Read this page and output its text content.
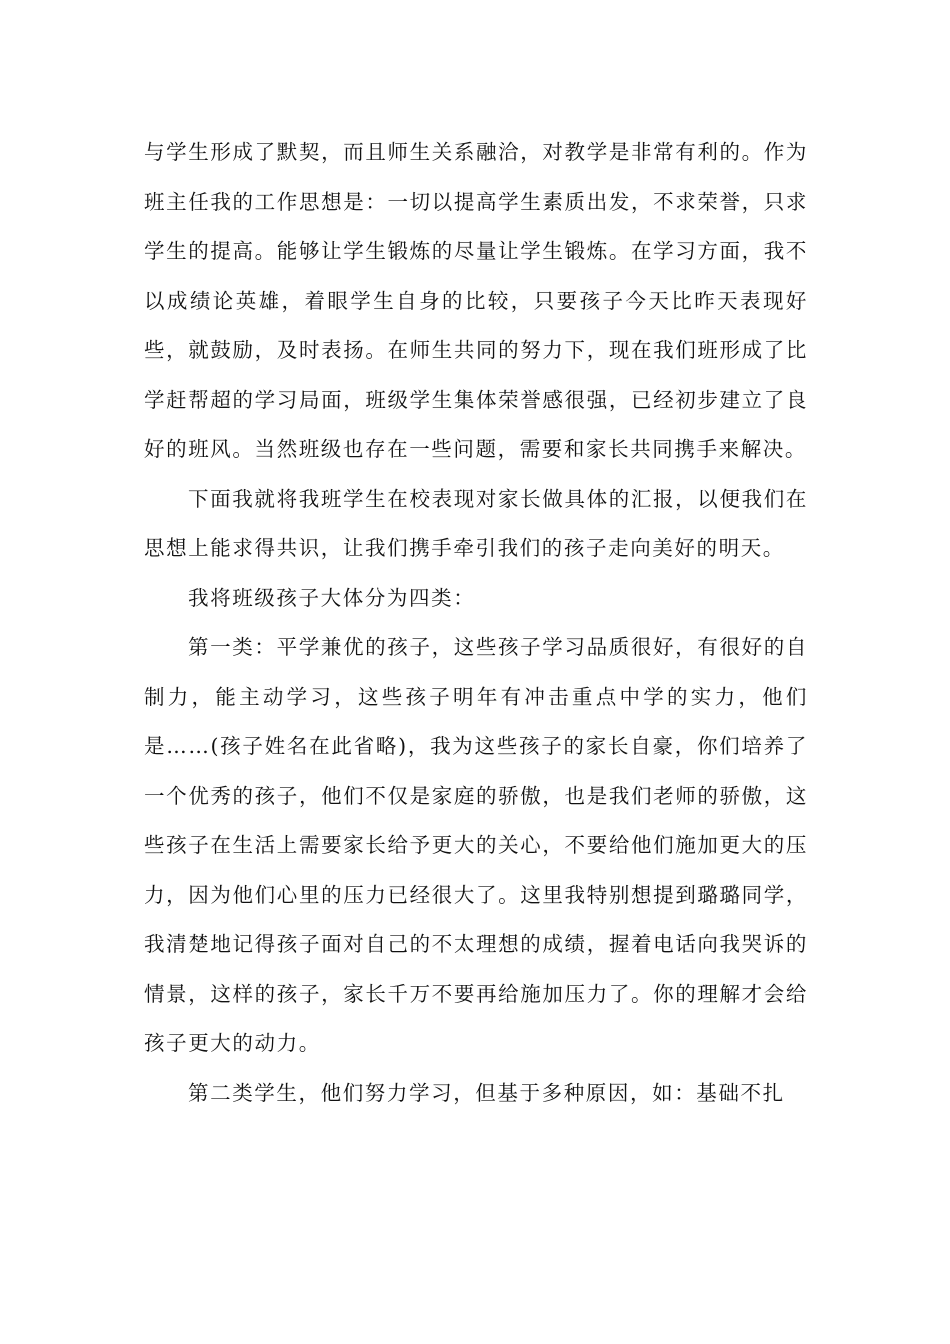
与学生形成了默契，而且师生关系融洽，对教学是非常有利的。作为班主任我的工作思想是：一切以提高学生素质出发，不求荣誉，只求学生的提高。能够让学生锻炼的尽量让学生锻炼。在学习方面，我不以成绩论英雄，着眼学生自身的比较，只要孩子今天比昨天表现好些，就鼓励，及时表扬。在师生共同的努力下，现在我们班形成了比学赶帮超的学习局面，班级学生集体荣誉感很强，已经初步建立了良好的班风。当然班级也存在一些问题，需要和家长共同携手来解决。

下面我就将我班学生在校表现对家长做具体的汇报，以便我们在思想上能求得共识，让我们携手牵引我们的孩子走向美好的明天。

我将班级孩子大体分为四类：

第一类：平学兼优的孩子，这些孩子学习品质很好，有很好的自制力，能主动学习，这些孩子明年有冲击重点中学的实力，他们是……(孩子姓名在此省略)，我为这些孩子的家长自豪，你们培养了一个优秀的孩子，他们不仅是家庭的骄傲，也是我们老师的骄傲，这些孩子在生活上需要家长给予更大的关心，不要给他们施加更大的压力，因为他们心里的压力已经很大了。这里我特别想提到璐璐同学，我清楚地记得孩子面对自己的不太理想的成绩，握着电话向我哭诉的情景，这样的孩子，家长千万不要再给施加压力了。你的理解才会给孩子更大的动力。

第二类学生，他们努力学习，但基于多种原因，如：基础不扎
